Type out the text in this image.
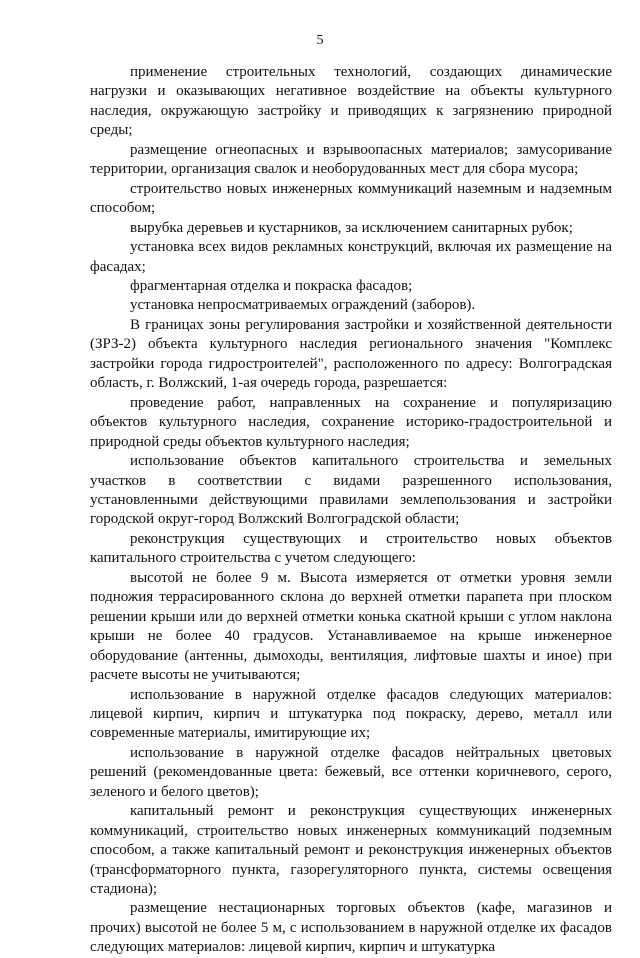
5

применение строительных технологий, создающих динамические нагрузки и оказывающих негативное воздействие на объекты культурного наследия, окружающую застройку и приводящих к загрязнению природной среды;

размещение огнеопасных и взрывоопасных материалов; замусоривание территории, организация свалок и необорудованных мест для сбора мусора;

строительство новых инженерных коммуникаций наземным и надземным способом;

вырубка деревьев и кустарников, за исключением санитарных рубок;

установка всех видов рекламных конструкций, включая их размещение на фасадах;

фрагментарная отделка и покраска фасадов;

установка непросматриваемых ограждений (заборов).

В границах зоны регулирования застройки и хозяйственной деятельности (ЗРЗ-2) объекта культурного наследия регионального значения "Комплекс застройки города гидростроителей", расположенного по адресу: Волгоградская область, г. Волжский, 1-ая очередь города, разрешается:

проведение работ, направленных на сохранение и популяризацию объектов культурного наследия, сохранение историко-градостроительной и природной среды объектов культурного наследия;

использование объектов капитального строительства и земельных участков в соответствии с видами разрешенного использования, установленными действующими правилами землепользования и застройки городской округ-город Волжский Волгоградской области;

реконструкция существующих и строительство новых объектов капитального строительства с учетом следующего:

высотой не более 9 м. Высота измеряется от отметки уровня земли подножия террасированного склона до верхней отметки парапета при плоском решении крыши или до верхней отметки конька скатной крыши с углом наклона крыши не более 40 градусов. Устанавливаемое на крыше инженерное оборудование (антенны, дымоходы, вентиляция, лифтовые шахты и иное) при расчете высоты не учитываются;

использование в наружной отделке фасадов следующих материалов: лицевой кирпич, кирпич и штукатурка под покраску, дерево, металл или современные материалы, имитирующие их;

использование в наружной отделке фасадов нейтральных цветовых решений (рекомендованные цвета: бежевый, все оттенки коричневого, серого, зеленого и белого цветов);

капитальный ремонт и реконструкция существующих инженерных коммуникаций, строительство новых инженерных коммуникаций подземным способом, а также капитальный ремонт и реконструкция инженерных объектов (трансформаторного пункта, газорегуляторного пункта, системы освещения стадиона);

размещение нестационарных торговых объектов (кафе, магазинов и прочих) высотой не более 5 м, с использованием в наружной отделке их фасадов следующих материалов: лицевой кирпич, кирпич и штукатурка
